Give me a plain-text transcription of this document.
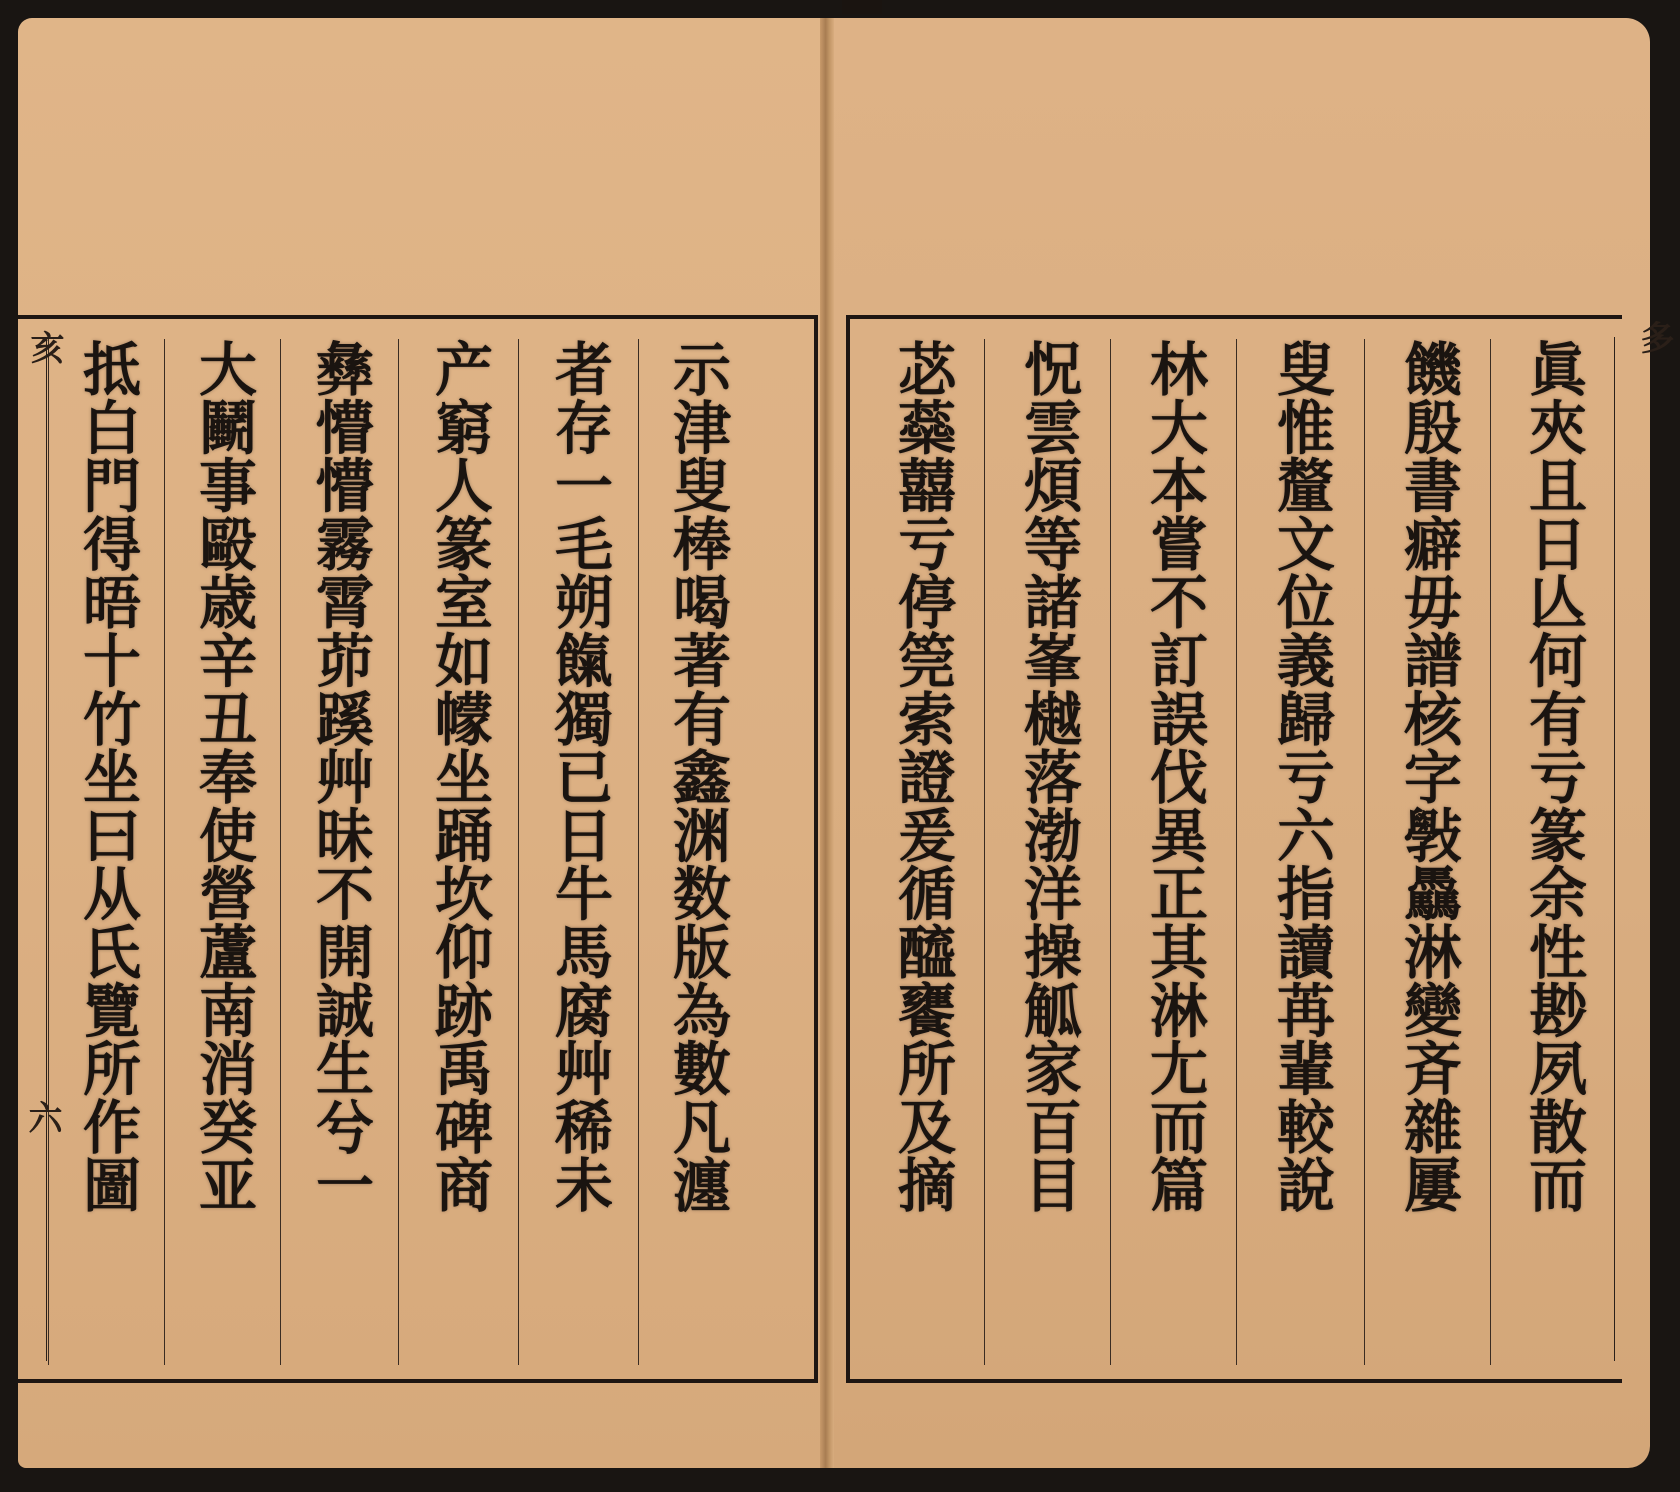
示津叟棒喝著有鑫渊数版為數凡瀍
者存一毛朔餼獨已日牛馬腐艸稀未
产窮人篆室如幪坐踊坎仰跡禹碑商
彝懵懵霧霄茆蹊艸昧不開誠生兮一
大鬭事毆歳辛丑奉使營蘆南消癸亚
抵白門得晤十竹坐曰从氏覽所作圖
亥
六	眞夾且日亾何有亏篆余性尠夙散而
饑殷書癖毋譜核字斅驫淋變斉雜屢
叟惟釐文位義歸亏六指讀苒輩較說
林大本嘗不訂誤伐異正其淋尢而篇
怳雲煩等諸峯樾落渤洋操觚家百目
苾蘂囍亏停筦索證爰循醯饔所及摘
多
